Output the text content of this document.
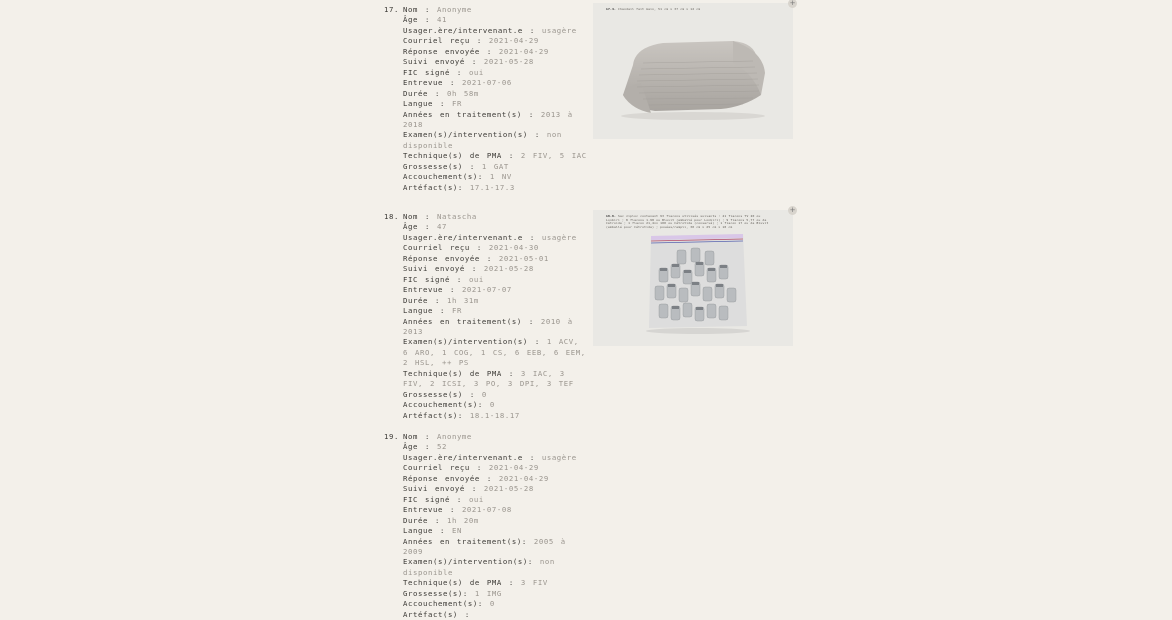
17. Nom : Anonyme
Âge : 41
Usager.ère/intervenant.e : usagère
Courriel reçu : 2021-04-29
Réponse envoyée : 2021-04-29
Suivi envoyé : 2021-05-28
FIC signé : oui
Entrevue : 2021-07-06
Durée : 0h 58m
Langue : FR
Années en traitement(s) : 2013 à 2018
Examen(s)/intervention(s) : non disponible
Technique(s) de PMA : 2 FIV, 5 IAC
Grossesse(s) : 1 GAT
Accouchement(s): 1 NV
Artéfact(s): 17.1-17.3
17.4. Chandail fait main, 51 cm x 37 cm x 12 cm
+
18. Nom : Natascha
Âge : 47
Usager.ère/intervenant.e : usagère
Courriel reçu : 2021-04-30
Réponse envoyée : 2021-05-01
Suivi envoyé : 2021-05-28
FIC signé : oui
Entrevue : 2021-07-07
Durée : 1h 31m
Langue : FR
Années en traitement(s) : 2010 à 2013
Examen(s)/intervention(s) : 1 ACV, 6 ARO, 1 COG, 1 CS, 6 EEB, 6 EEM, 2 HSL, ++ PS
Technique(s) de PMA : 3 IAC, 3 FIV, 2 ICSI, 3 PO, 3 DPI, 3 TEF
Grossesse(s) : 0
Accouchement(s): 0
Artéfact(s): 18.1-18.17
18.8. Sac ziploc contenant 93 flacons utilisés suivants : 41 flacons TV 20 ou Lonbiri ; 8 flacons 1.98 ou Bluvit (emballé pour Lonbiri) ; 9 flacons 5,77 ou de Cétroide ; 1 flacon 21,4xx 100 ou Cétrotide (conservé) ; 1 flacon 17 ou de Bluvit (emballé pour Cétrotide) ; posées/rempli, 30 cm x 25 cm x 10 cm
+
19. Nom : Anonyme
Âge : 52
Usager.ère/intervenant.e : usagère
Courriel reçu : 2021-04-29
Réponse envoyée : 2021-04-29
Suivi envoyé : 2021-05-28
FIC signé : oui
Entrevue : 2021-07-08
Durée : 1h 20m
Langue : EN
Années en traitement(s): 2005 à 2009
Examen(s)/intervention(s): non disponible
Technique(s) de PMA : 3 FIV
Grossesse(s): 1 IMG
Accouchement(s): 0
Artéfact(s) :
